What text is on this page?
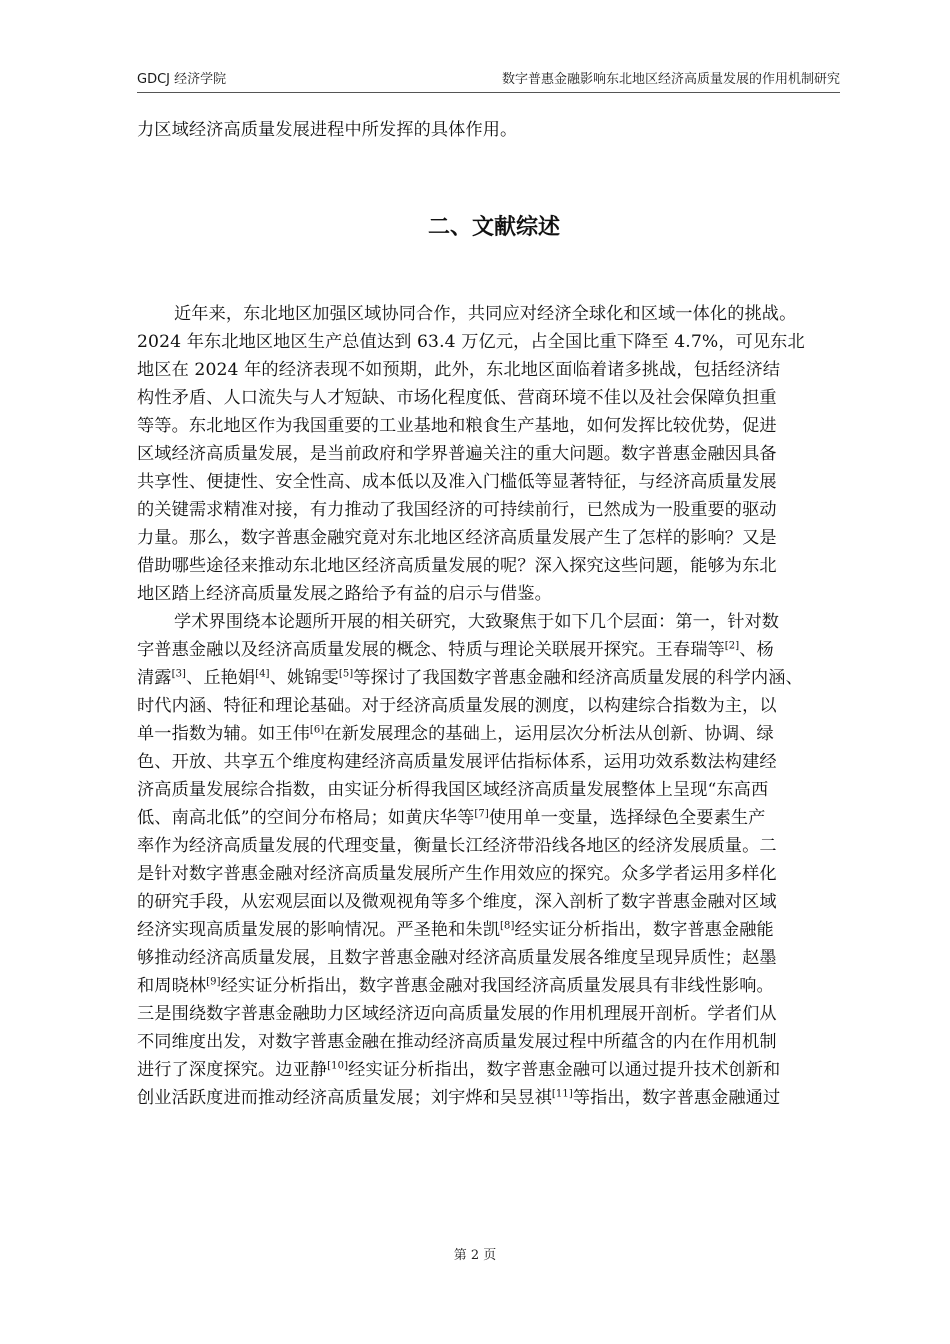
GDCJ 经济学院	数字普惠金融影响东北地区经济高质量发展的作用机制研究

力区域经济高质量发展进程中所发挥的具体作用。

二、文献综述

近年来，东北地区加强区域协同合作，共同应对经济全球化和区域一体化的挑战。

2024 年东北地区地区生产总值达到 63.4 万亿元，占全国比重下降至 4.7%，可见东北

地区在 2024 年的经济表现不如预期，此外，东北地区面临着诸多挑战，包括经济结

构性矛盾、人口流失与人才短缺、市场化程度低、营商环境不佳以及社会保障负担重

等等。东北地区作为我国重要的工业基地和粮食生产基地，如何发挥比较优势，促进

区域经济高质量发展，是当前政府和学界普遍关注的重大问题。数字普惠金融因具备

共享性、便捷性、安全性高、成本低以及准入门槛低等显著特征，与经济高质量发展

的关键需求精准对接，有力推动了我国经济的可持续前行，已然成为一股重要的驱动

力量。那么，数字普惠金融究竟对东北地区经济高质量发展产生了怎样的影响？又是

借助哪些途径来推动东北地区经济高质量发展的呢？深入探究这些问题，能够为东北

地区踏上经济高质量发展之路给予有益的启示与借鉴。

学术界围绕本论题所开展的相关研究，大致聚焦于如下几个层面：第一，针对数

字普惠金融以及经济高质量发展的概念、特质与理论关联展开探究。王春瑞等[2]、杨

清露[3]、丘艳娟[4]、姚锦雯[5]等探讨了我国数字普惠金融和经济高质量发展的科学内涵、

时代内涵、特征和理论基础。对于经济高质量发展的测度，以构建综合指数为主，以

单一指数为辅。如王伟[6]在新发展理念的基础上，运用层次分析法从创新、协调、绿

色、开放、共享五个维度构建经济高质量发展评估指标体系，运用功效系数法构建经

济高质量发展综合指数，由实证分析得我国区域经济高质量发展整体上呈现“东高西

低、南高北低”的空间分布格局；如黄庆华等[7]使用单一变量，选择绿色全要素生产

率作为经济高质量发展的代理变量，衡量长江经济带沿线各地区的经济发展质量。二

是针对数字普惠金融对经济高质量发展所产生作用效应的探究。众多学者运用多样化

的研究手段，从宏观层面以及微观视角等多个维度，深入剖析了数字普惠金融对区域

经济实现高质量发展的影响情况。严圣艳和朱凯[8]经实证分析指出，数字普惠金融能

够推动经济高质量发展，且数字普惠金融对经济高质量发展各维度呈现异质性；赵墨

和周晓林[9]经实证分析指出，数字普惠金融对我国经济高质量发展具有非线性影响。

三是围绕数字普惠金融助力区域经济迈向高质量发展的作用机理展开剖析。学者们从

不同维度出发，对数字普惠金融在推动经济高质量发展过程中所蕴含的内在作用机制

进行了深度探究。边亚静[10]经实证分析指出，数字普惠金融可以通过提升技术创新和

创业活跃度进而推动经济高质量发展；刘宇烨和吴昱祺[11]等指出，数字普惠金融通过

第 2 页
